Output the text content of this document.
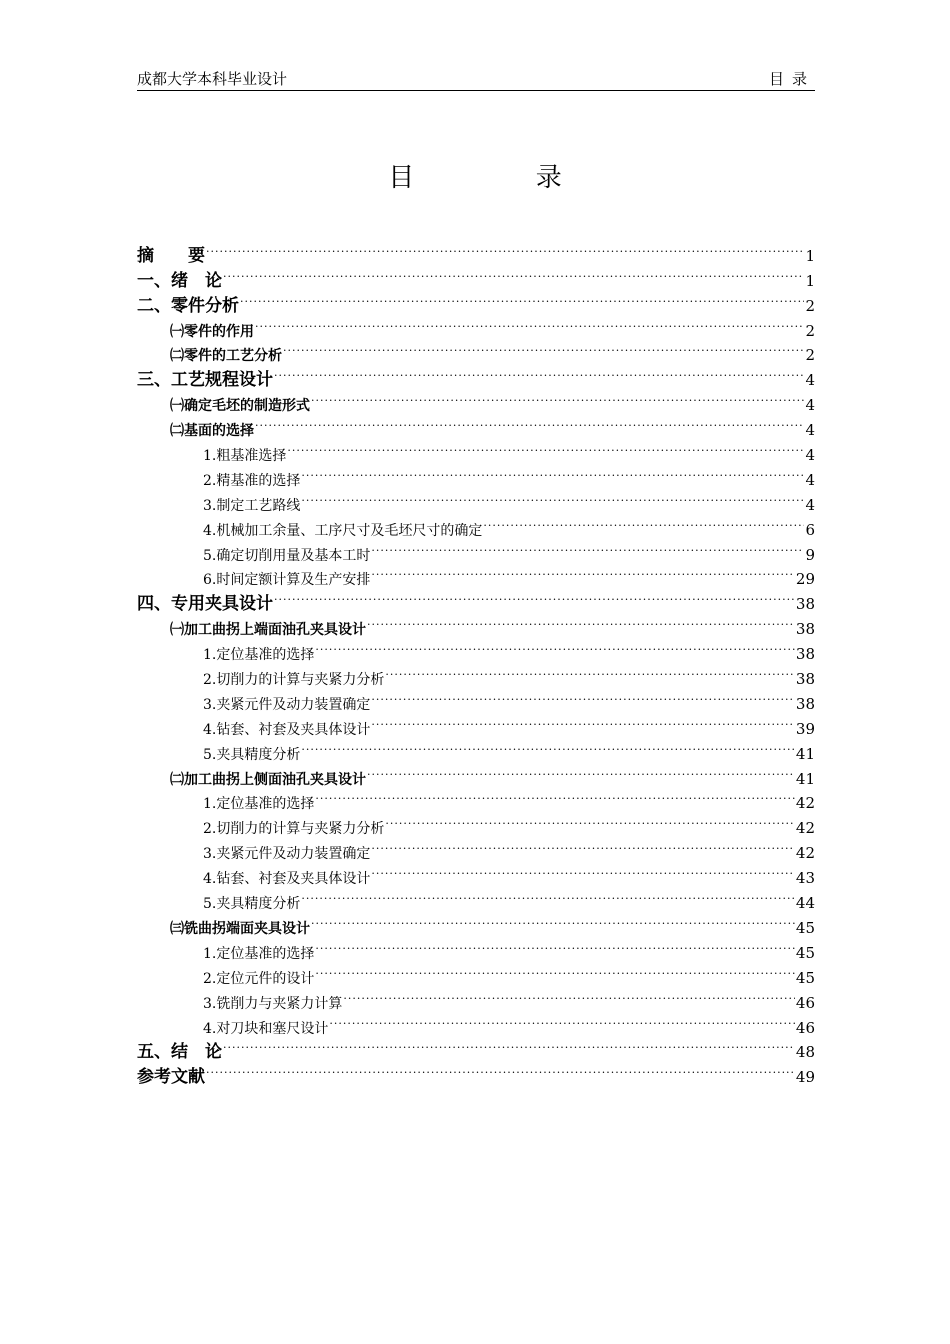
成都大学本科毕业设计	目录
目	录
摘　　要 ·····	1
一、绪　论 ·····	1
二、零件分析 ·····	2
㈠零件的作用 ·····	2
㈡零件的工艺分析 ·····	2
三、工艺规程设计 ·····	4
㈠确定毛坯的制造形式 ·····	4
㈡基面的选择 ·····	4
1.粗基准选择 ·····	4
2.精基准的选择 ·····	4
3.制定工艺路线 ·····	4
4.机械加工余量、工序尺寸及毛坯尺寸的确定 ·····	6
5.确定切削用量及基本工时 ·····	9
6.时间定额计算及生产安排 ·····	29
四、专用夹具设计 ·····	38
㈠加工曲拐上端面油孔夹具设计 ·····	38
1.定位基准的选择 ·····	38
2.切削力的计算与夹紧力分析 ·····	38
3.夹紧元件及动力装置确定 ·····	38
4.钻套、衬套及夹具体设计 ·····	39
5.夹具精度分析 ·····	41
㈡加工曲拐上侧面油孔夹具设计 ·····	41
1.定位基准的选择 ·····	42
2.切削力的计算与夹紧力分析 ·····	42
3.夹紧元件及动力装置确定 ·····	42
4.钻套、衬套及夹具体设计 ·····	43
5.夹具精度分析 ·····	44
㈢铣曲拐端面夹具设计 ·····	45
1.定位基准的选择 ·····	45
2.定位元件的设计 ·····	45
3.铣削力与夹紧力计算 ·····	46
4.对刀块和塞尺设计 ·····	46
五、结　论 ·····	48
参考文献 ·····	49
